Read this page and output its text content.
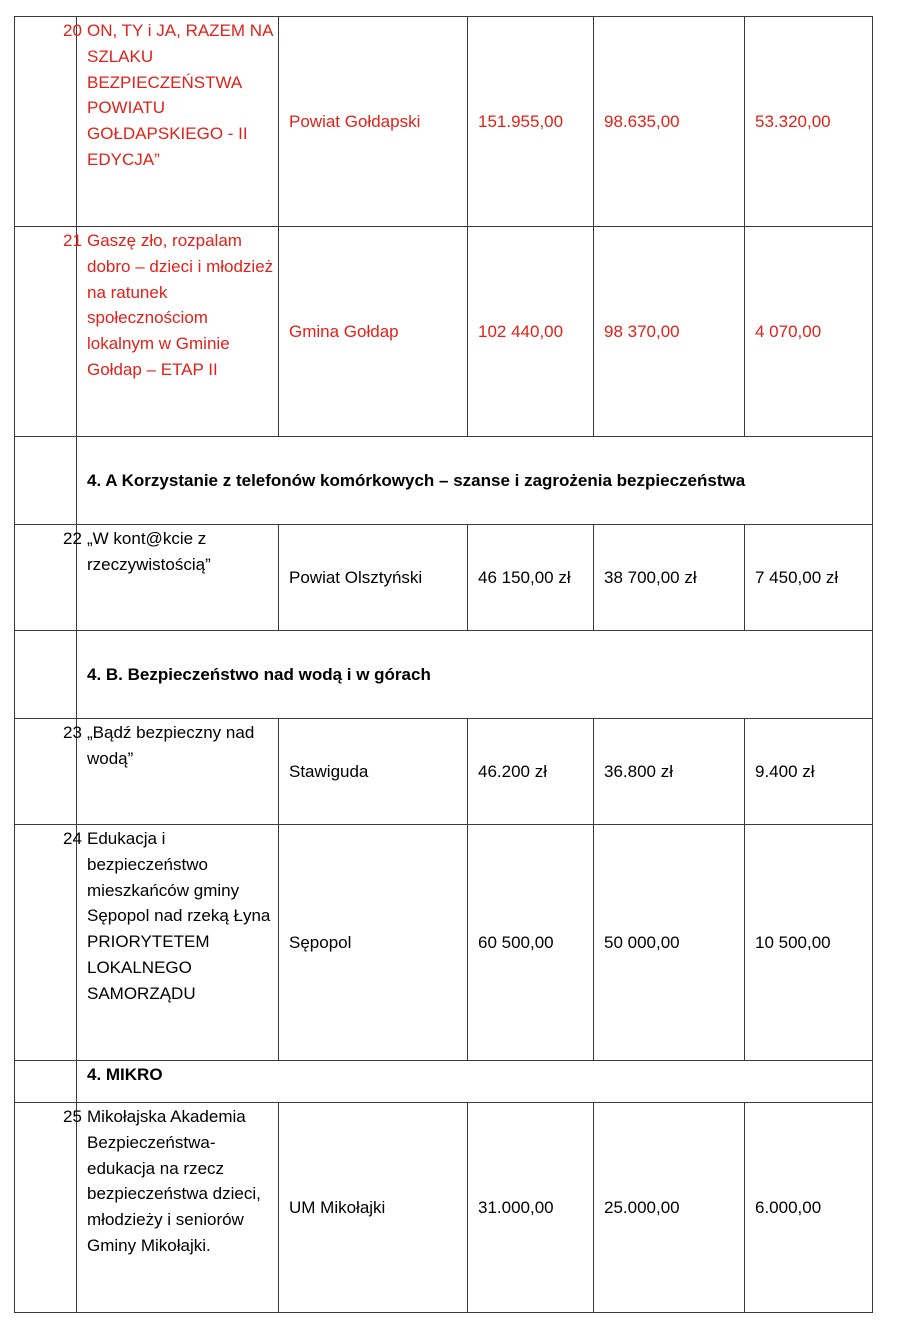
20	ON, TY i JA, RAZEM NA SZLAKU BEZPIECZEŃSTWA POWIATU GOŁDAPSKIEGO - II EDYCJA”	Powiat Gołdapski	151.955,00	98.635,00	53.320,00

21	Gaszę zło, rozpalam dobro – dzieci i młodzież na ratunek społecznościom lokalnym w Gminie Gołdap – ETAP II	Gmina Gołdap	102 440,00	98 370,00	4 070,00
	4. A Korzystanie z telefonów komórkowych – szanse i zagrożenia bezpieczeństwa				

22	„W kont@kcie z rzeczywistością”	Powiat Olsztyński	46 150,00 zł	38 700,00 zł	7 450,00 zł
	4. B. Bezpieczeństwo nad wodą i w górach				

23	„Bądź bezpieczny nad wodą”	Stawiguda	46.200 zł	36.800 zł	9.400 zł

24	Edukacja i bezpieczeństwo mieszkańców gminy Sępopol nad rzeką Łyna PRIORYTETEM LOKALNEGO SAMORZĄDU	Sępopol	60 500,00	50 000,00	10 500,00
	4. MIKRO				

25	Mikołajska Akademia Bezpieczeństwa- edukacja na rzecz bezpieczeństwa dzieci, młodzieży i seniorów Gminy Mikołajki.	UM Mikołajki	31.000,00	25.000,00	6.000,00
